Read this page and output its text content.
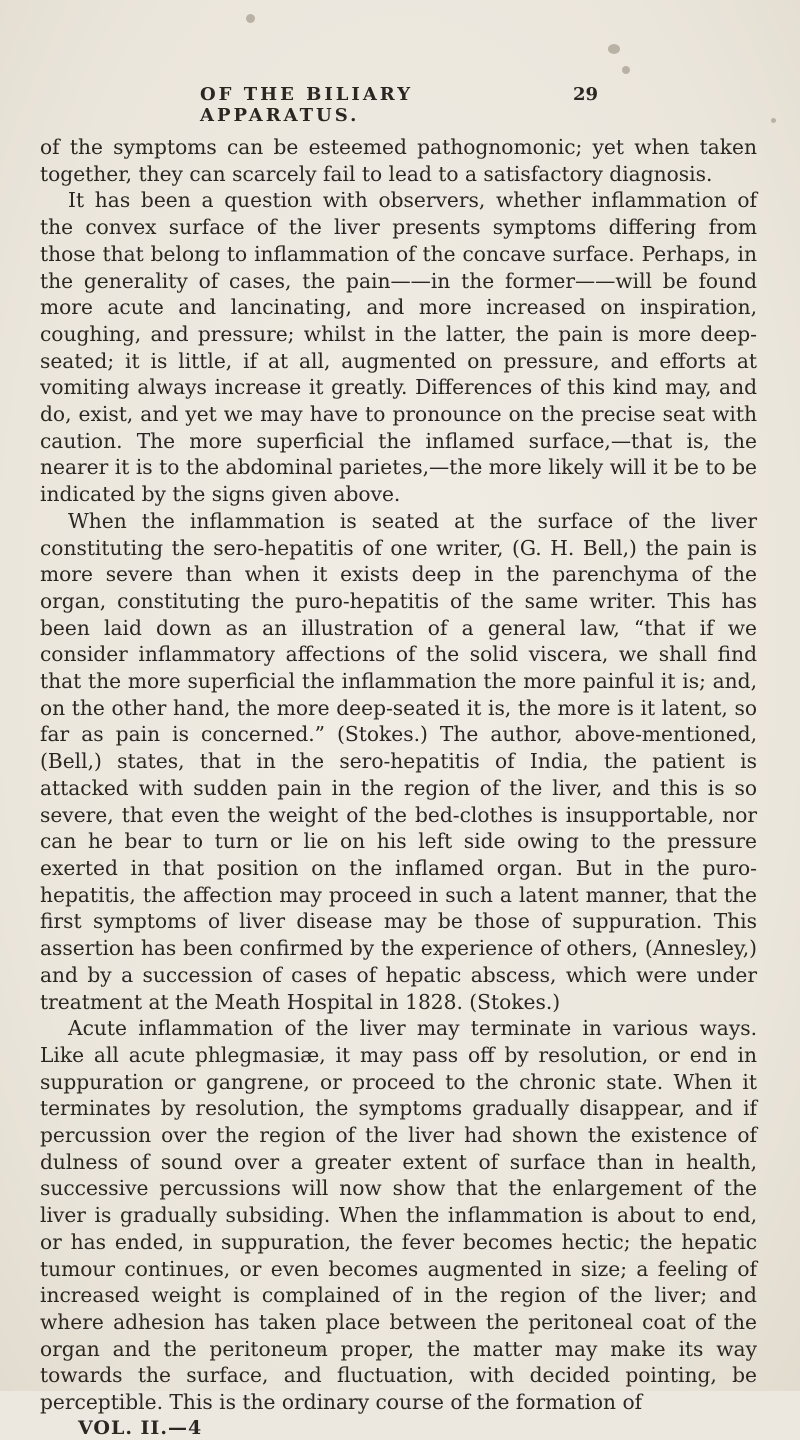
OF THE BILIARY APPARATUS.
29

of the symptoms can be esteemed pathognomonic; yet when taken together, they can scarcely fail to lead to a satisfactory diagnosis.

It has been a question with observers, whether inflammation of the convex surface of the liver presents symptoms differing from those that belong to inflammation of the concave surface. Perhaps, in the generality of cases, the pain——in the former——will be found more acute and lancinating, and more increased on inspiration, coughing, and pressure; whilst in the latter, the pain is more deep-seated; it is little, if at all, augmented on pressure, and efforts at vomiting always increase it greatly. Differences of this kind may, and do, exist, and yet we may have to pronounce on the precise seat with caution. The more superficial the inflamed surface,—that is, the nearer it is to the abdominal parietes,—the more likely will it be to be indicated by the signs given above.

When the inflammation is seated at the surface of the liver constituting the sero-hepatitis of one writer, (G. H. Bell,) the pain is more severe than when it exists deep in the parenchyma of the organ, constituting the puro-hepatitis of the same writer. This has been laid down as an illustration of a general law, “that if we consider inflammatory affections of the solid viscera, we shall find that the more superficial the inflammation the more painful it is; and, on the other hand, the more deep-seated it is, the more is it latent, so far as pain is concerned.” (Stokes.) The author, above-mentioned, (Bell,) states, that in the sero-hepatitis of India, the patient is attacked with sudden pain in the region of the liver, and this is so severe, that even the weight of the bed-clothes is insupportable, nor can he bear to turn or lie on his left side owing to the pressure exerted in that position on the inflamed organ. But in the puro-hepatitis, the affection may proceed in such a latent manner, that the first symptoms of liver disease may be those of suppuration. This assertion has been confirmed by the experience of others, (Annesley,) and by a succession of cases of hepatic abscess, which were under treatment at the Meath Hospital in 1828. (Stokes.)

Acute inflammation of the liver may terminate in various ways. Like all acute phlegmasiæ, it may pass off by resolution, or end in suppuration or gangrene, or proceed to the chronic state. When it terminates by resolution, the symptoms gradually disappear, and if percussion over the region of the liver had shown the existence of dulness of sound over a greater extent of surface than in health, successive percussions will now show that the enlargement of the liver is gradually subsiding. When the inflammation is about to end, or has ended, in suppuration, the fever becomes hectic; the hepatic tumour continues, or even becomes augmented in size; a feeling of increased weight is complained of in the region of the liver; and where adhesion has taken place between the peritoneal coat of the organ and the peritoneum proper, the matter may make its way towards the surface, and fluctuation, with decided pointing, be perceptible. This is the ordinary course of the formation of

VOL. II.—4
